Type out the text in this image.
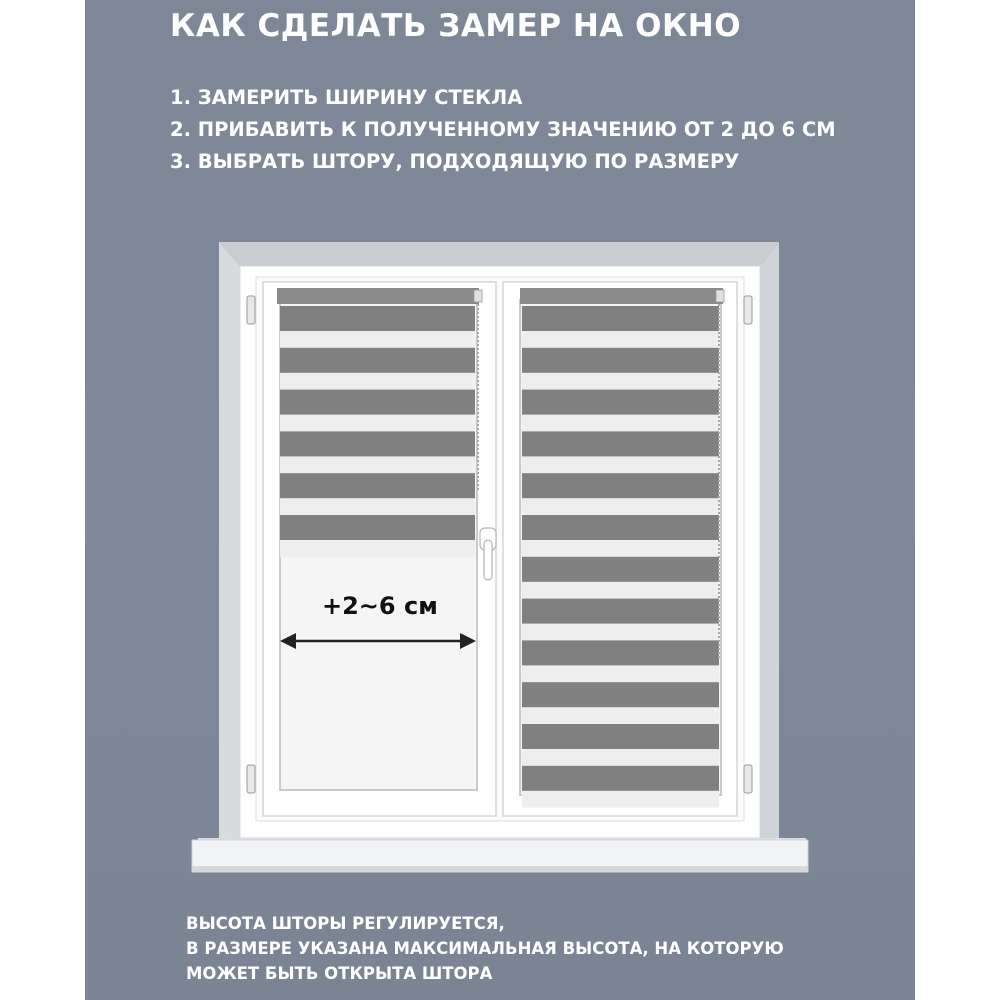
КАК СДЕЛАТЬ ЗАМЕР НА ОКНО
1. ЗАМЕРИТЬ ШИРИНУ СТЕКЛА
2. ПРИБАВИТЬ К ПОЛУЧЕННОМУ ЗНАЧЕНИЮ ОТ 2 ДО 6 СМ
3. ВЫБРАТЬ ШТОРУ, ПОДХОДЯЩУЮ ПО РАЗМЕРУ
+2~6 см
ВЫСОТА ШТОРЫ РЕГУЛИРУЕТСЯ,
В РАЗМЕРЕ УКАЗАНА МАКСИМАЛЬНАЯ ВЫСОТА, НА КОТОРУЮ
МОЖЕТ БЫТЬ ОТКРЫТА ШТОРА
